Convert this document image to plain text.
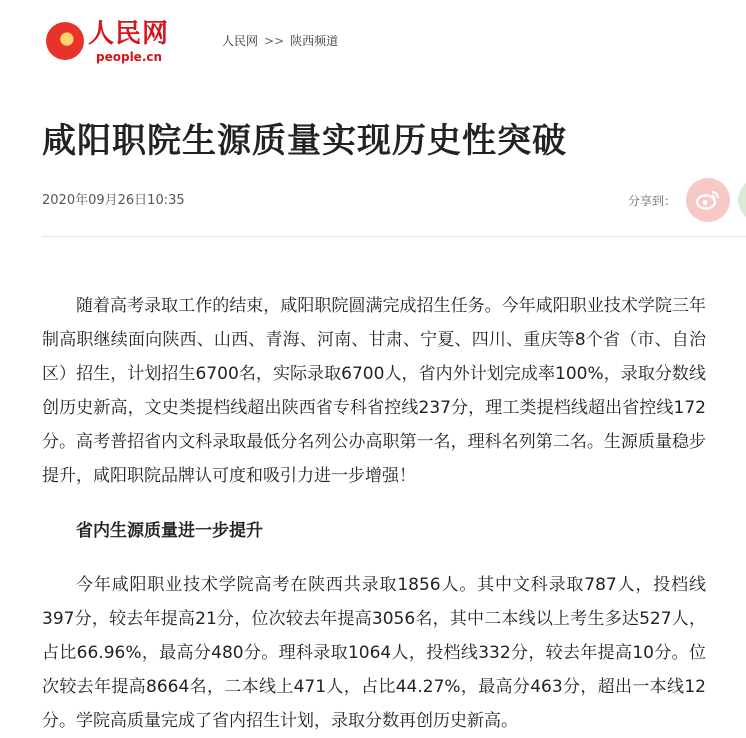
人民网
people.cn
人民网 >> 陕西频道
咸阳职院生源质量实现历史性突破
2020年09月26日10:35	分享到：

随着高考录取工作的结束，咸阳职院圆满完成招生任务。今年咸阳职业技术学院三年制高职继续面向陕西、山西、青海、河南、甘肃、宁夏、四川、重庆等8个省（市、自治区）招生，计划招生6700名，实际录取6700人，省内外计划完成率100%，录取分数线创历史新高，文史类提档线超出陕西省专科省控线237分，理工类提档线超出省控线172分。高考普招省内文科录取最低分名列公办高职第一名，理科名列第二名。生源质量稳步提升，咸阳职院品牌认可度和吸引力进一步增强！

省内生源质量进一步提升

今年咸阳职业技术学院高考在陕西共录取1856人。其中文科录取787人，投档线397分，较去年提高21分，位次较去年提高3056名，其中二本线以上考生多达527人，占比66.96%，最高分480分。理科录取1064人，投档线332分，较去年提高10分。位次较去年提高8664名，二本线上471人，占比44.27%，最高分463分，超出一本线12分。学院高质量完成了省内招生计划，录取分数再创历史新高。
